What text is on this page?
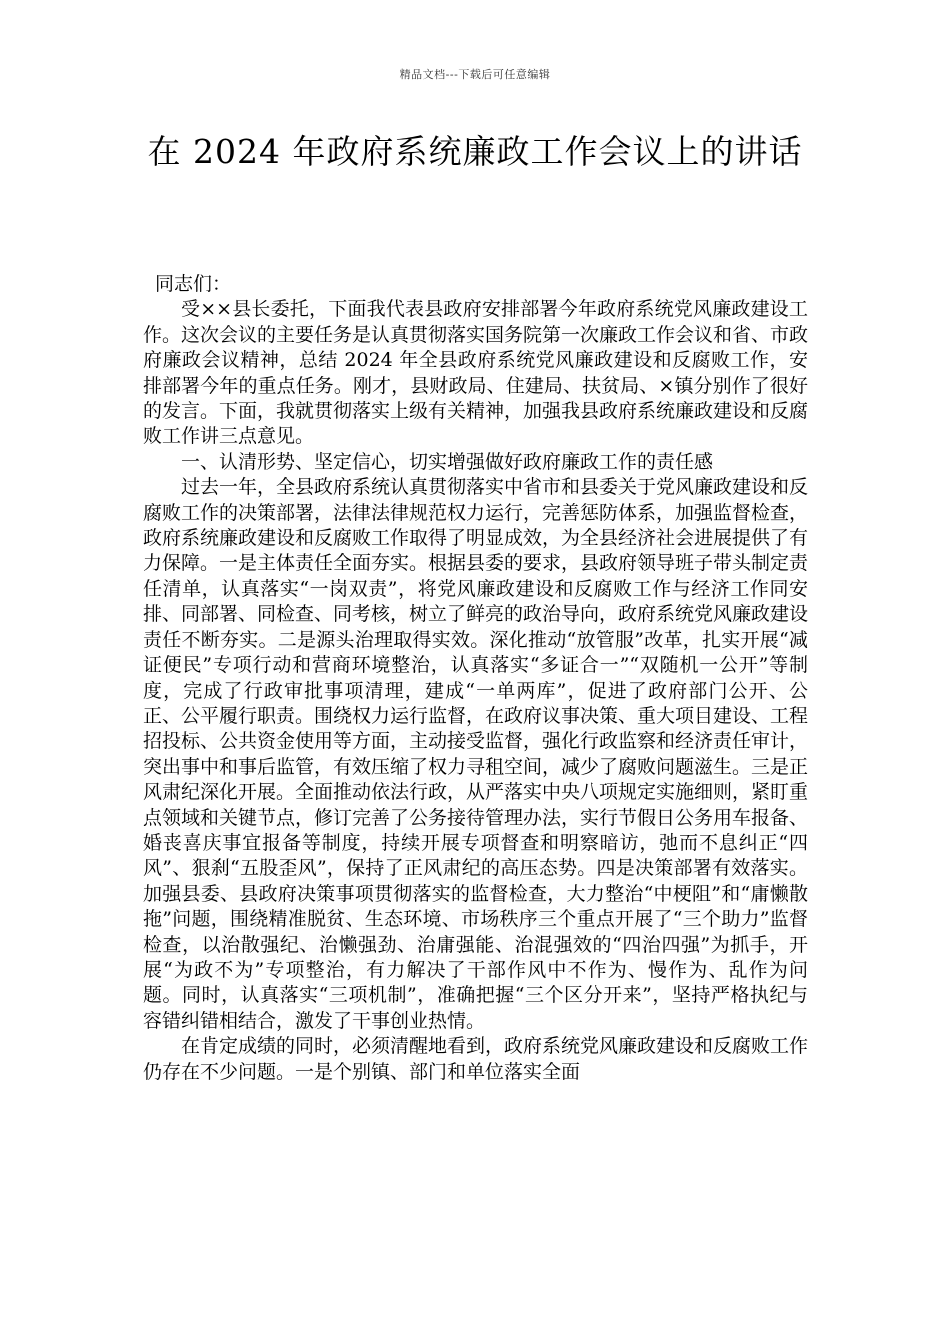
精品文档---下载后可任意编辑
在 2024 年政府系统廉政工作会议上的讲话

同志们：

受××县长委托，下面我代表县政府安排部署今年政府系统党风廉政建设工作。这次会议的主要任务是认真贯彻落实国务院第一次廉政工作会议和省、市政府廉政会议精神，总结 2024 年全县政府系统党风廉政建设和反腐败工作，安排部署今年的重点任务。刚才，县财政局、住建局、扶贫局、×镇分别作了很好的发言。下面，我就贯彻落实上级有关精神，加强我县政府系统廉政建设和反腐败工作讲三点意见。

一、认清形势、坚定信心，切实增强做好政府廉政工作的责任感

过去一年，全县政府系统认真贯彻落实中省市和县委关于党风廉政建设和反腐败工作的决策部署，法律法律规范权力运行，完善惩防体系，加强监督检查，政府系统廉政建设和反腐败工作取得了明显成效，为全县经济社会进展提供了有力保障。一是主体责任全面夯实。根据县委的要求，县政府领导班子带头制定责任清单，认真落实“一岗双责”，将党风廉政建设和反腐败工作与经济工作同安排、同部署、同检查、同考核，树立了鲜亮的政治导向，政府系统党风廉政建设责任不断夯实。二是源头治理取得实效。深化推动“放管服”改革，扎实开展“减证便民”专项行动和营商环境整治，认真落实“多证合一”“双随机一公开”等制度，完成了行政审批事项清理，建成“一单两库”，促进了政府部门公开、公正、公平履行职责。围绕权力运行监督，在政府议事决策、重大项目建设、工程招投标、公共资金使用等方面，主动接受监督，强化行政监察和经济责任审计，突出事中和事后监管，有效压缩了权力寻租空间，减少了腐败问题滋生。三是正风肃纪深化开展。全面推动依法行政，从严落实中央八项规定实施细则，紧盯重点领域和关键节点，修订完善了公务接待管理办法，实行节假日公务用车报备、婚丧喜庆事宜报备等制度，持续开展专项督查和明察暗访，弛而不息纠正“四风”、狠刹“五股歪风”，保持了正风肃纪的高压态势。四是决策部署有效落实。加强县委、县政府决策事项贯彻落实的监督检查，大力整治“中梗阻”和“庸懒散拖”问题，围绕精准脱贫、生态环境、市场秩序三个重点开展了“三个助力”监督检查，以治散强纪、治懒强劲、治庸强能、治混强效的“四治四强”为抓手，开展“为政不为”专项整治，有力解决了干部作风中不作为、慢作为、乱作为问题。同时，认真落实“三项机制”，准确把握“三个区分开来”，坚持严格执纪与容错纠错相结合，激发了干事创业热情。

在肯定成绩的同时，必须清醒地看到，政府系统党风廉政建设和反腐败工作仍存在不少问题。一是个别镇、部门和单位落实全面
